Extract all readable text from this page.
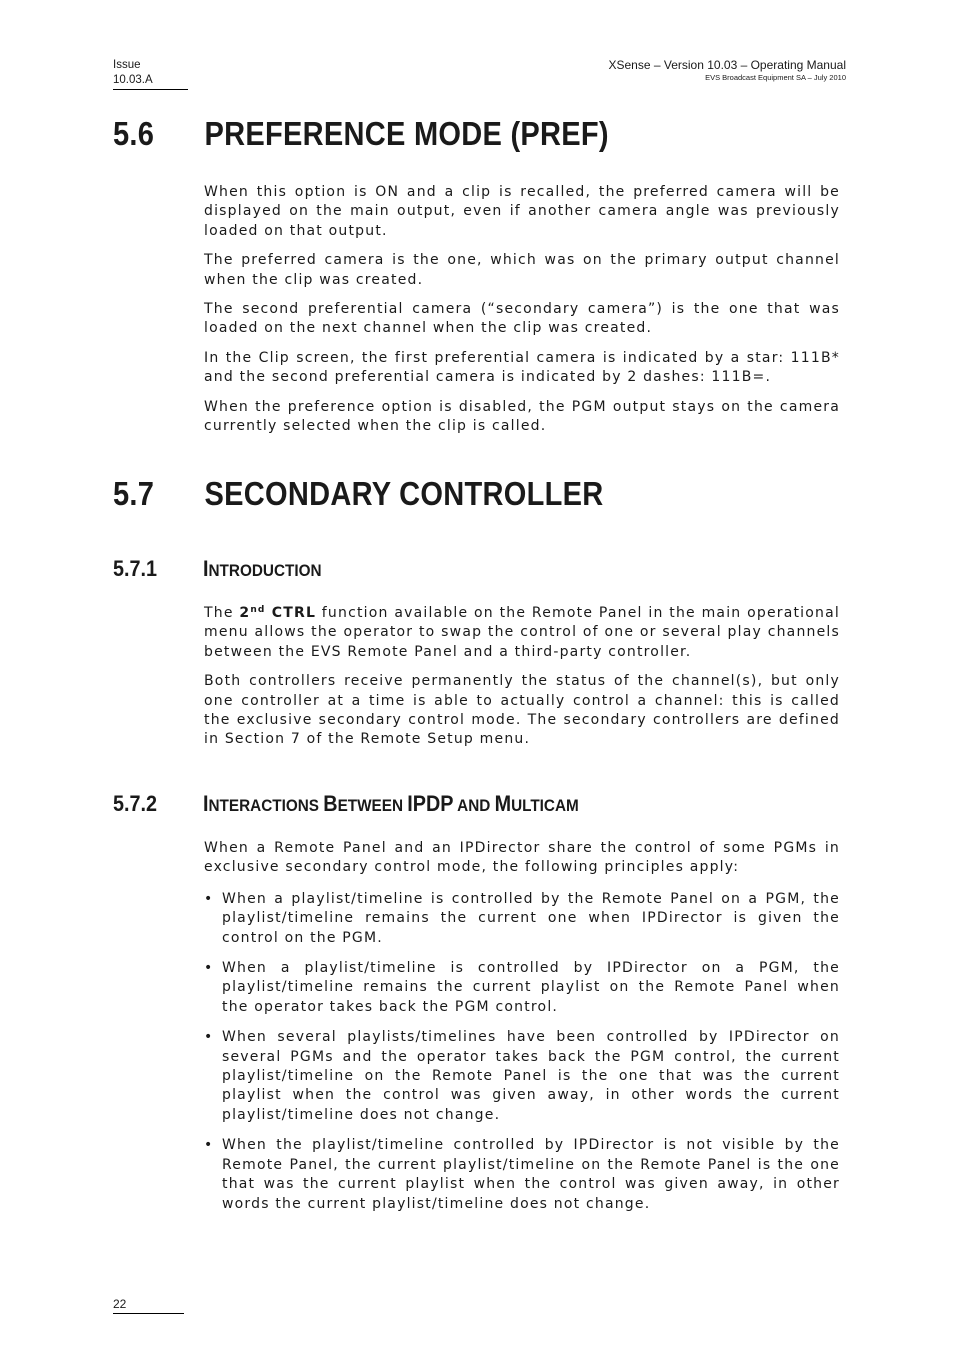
Issue
10.03.A
XSense – Version 10.03 – Operating Manual
EVS Broadcast Equipment SA – July 2010
5.6 PREFERENCE MODE (PREF)

When this option is ON and a clip is recalled, the preferred camera will be displayed on the main output, even if another camera angle was previously loaded on that output.

The preferred camera is the one, which was on the primary output channel when the clip was created.

The second preferential camera (“secondary camera”) is the one that was loaded on the next channel when the clip was created.

In the Clip screen, the first preferential camera is indicated by a star: 111B* and the second preferential camera is indicated by 2 dashes: 111B=.

When the preference option is disabled, the PGM output stays on the camera currently selected when the clip is called.

5.7 SECONDARY CONTROLLER
5.7.1 INTRODUCTION

The 2nd CTRL function available on the Remote Panel in the main operational menu allows the operator to swap the control of one or several play channels between the EVS Remote Panel and a third-party controller.

Both controllers receive permanently the status of the channel(s), but only one controller at a time is able to actually control a channel: this is called the exclusive secondary control mode. The secondary controllers are defined in Section 7 of the Remote Setup menu.

5.7.2 INTERACTIONS BETWEEN IPDP AND MULTICAM

When a Remote Panel and an IPDirector share the control of some PGMs in exclusive secondary control mode, the following principles apply:

• When a playlist/timeline is controlled by the Remote Panel on a PGM, the playlist/timeline remains the current one when IPDirector is given the control on the PGM.
• When a playlist/timeline is controlled by IPDirector on a PGM, the playlist/timeline remains the current playlist on the Remote Panel when the operator takes back the PGM control.
• When several playlists/timelines have been controlled by IPDirector on several PGMs and the operator takes back the PGM control, the current playlist/timeline on the Remote Panel is the one that was the current playlist when the control was given away, in other words the current playlist/timeline does not change.
• When the playlist/timeline controlled by IPDirector is not visible by the Remote Panel, the current playlist/timeline on the Remote Panel is the one that was the current playlist when the control was given away, in other words the current playlist/timeline does not change.
22
